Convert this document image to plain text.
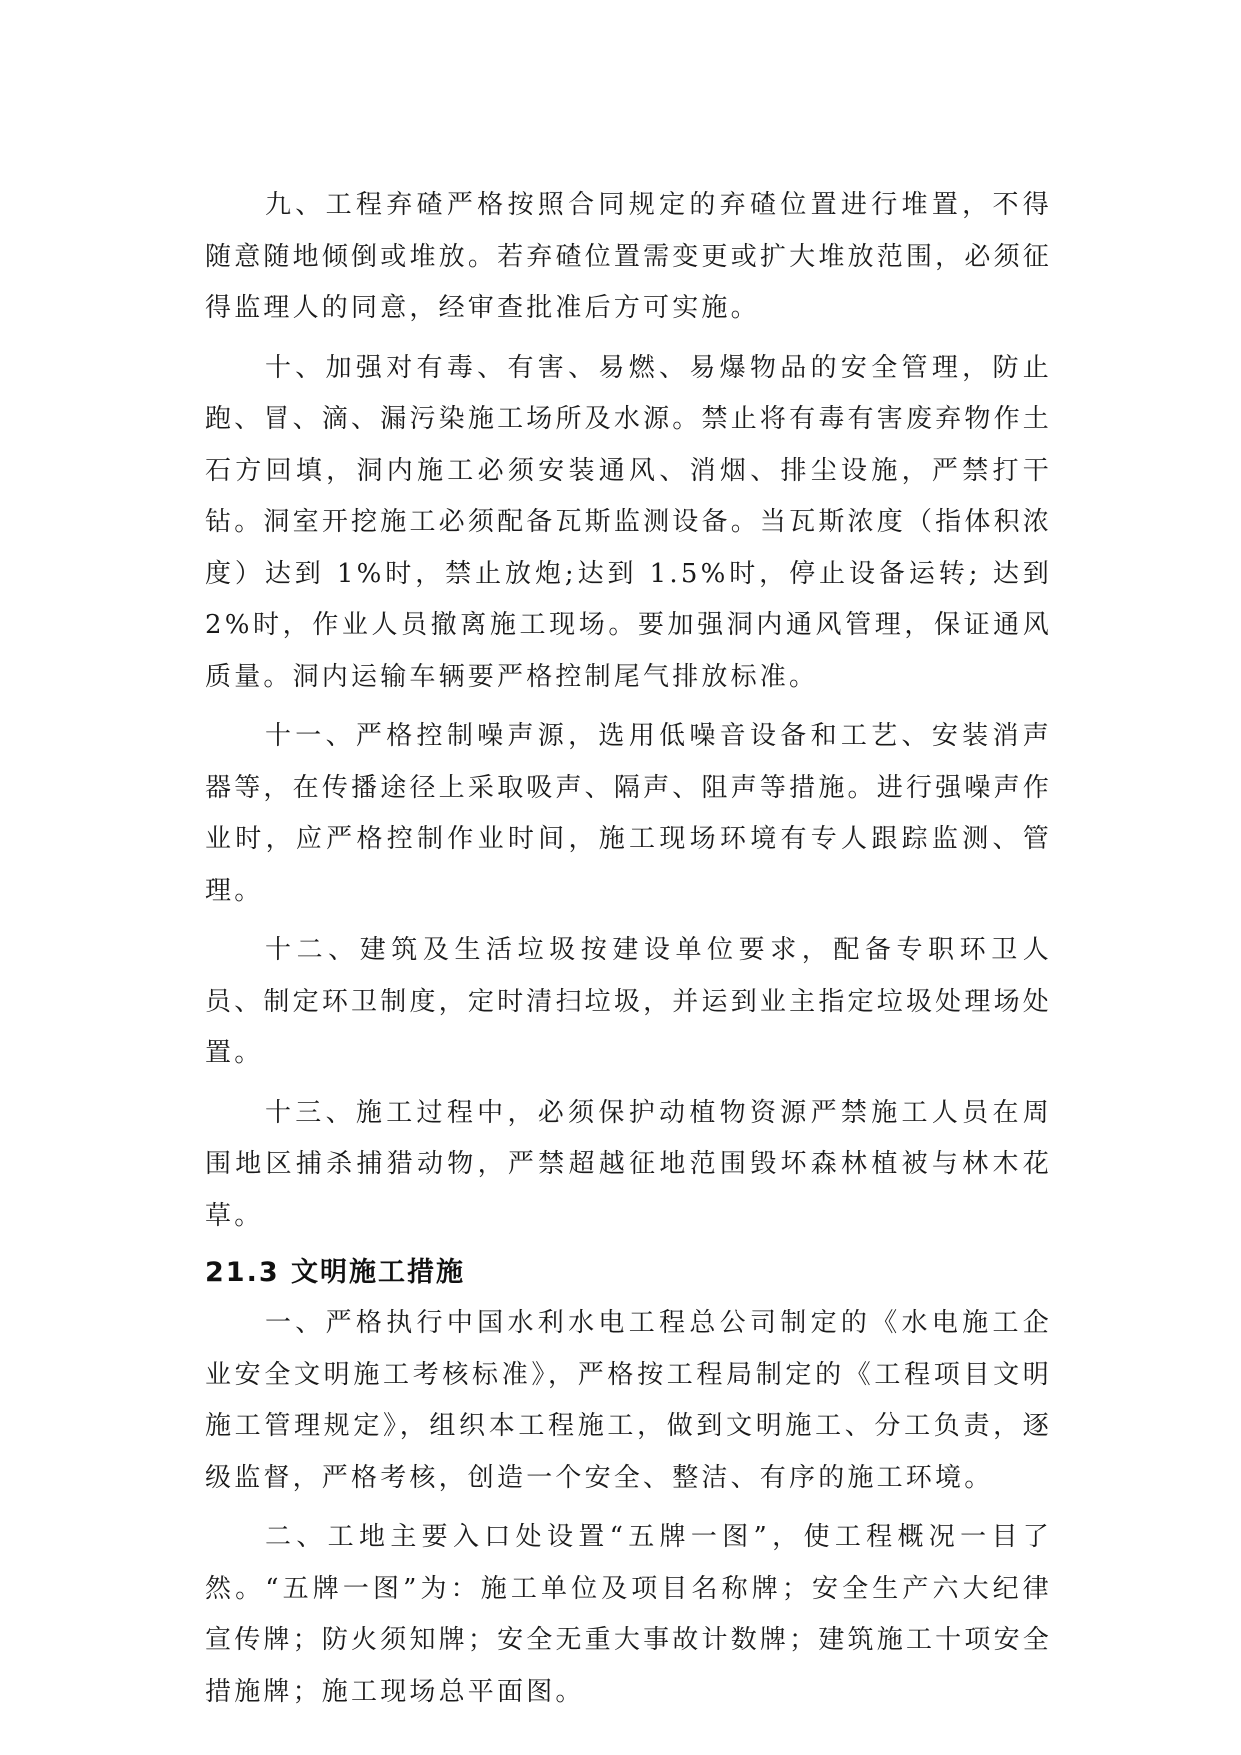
九、工程弃碴严格按照合同规定的弃碴位置进行堆置，不得随意随地倾倒或堆放。若弃碴位置需变更或扩大堆放范围，必须征得监理人的同意，经审查批准后方可实施。

十、加强对有毒、有害、易燃、易爆物品的安全管理，防止跑、冒、滴、漏污染施工场所及水源。禁止将有毒有害废弃物作土石方回填，洞内施工必须安装通风、消烟、排尘设施，严禁打干钻。洞室开挖施工必须配备瓦斯监测设备。当瓦斯浓度（指体积浓度）达到 1%时，禁止放炮;达到 1.5%时，停止设备运转; 达到 2%时，作业人员撤离施工现场。要加强洞内通风管理，保证通风质量。洞内运输车辆要严格控制尾气排放标准。

十一、严格控制噪声源，选用低噪音设备和工艺、安装消声器等，在传播途径上采取吸声、隔声、阻声等措施。进行强噪声作业时，应严格控制作业时间，施工现场环境有专人跟踪监测、管理。

十二、建筑及生活垃圾按建设单位要求，配备专职环卫人员、制定环卫制度，定时清扫垃圾，并运到业主指定垃圾处理场处置。

十三、施工过程中，必须保护动植物资源严禁施工人员在周围地区捕杀捕猎动物，严禁超越征地范围毁坏森林植被与林木花草。

21.3 文明施工措施

一、严格执行中国水利水电工程总公司制定的《水电施工企业安全文明施工考核标准》，严格按工程局制定的《工程项目文明施工管理规定》，组织本工程施工，做到文明施工、分工负责，逐级监督，严格考核，创造一个安全、整洁、有序的施工环境。

二、工地主要入口处设置“五牌一图”，使工程概况一目了然。“五牌一图”为：施工单位及项目名称牌；安全生产六大纪律宣传牌；防火须知牌；安全无重大事故计数牌；建筑施工十项安全措施牌；施工现场总平面图。
